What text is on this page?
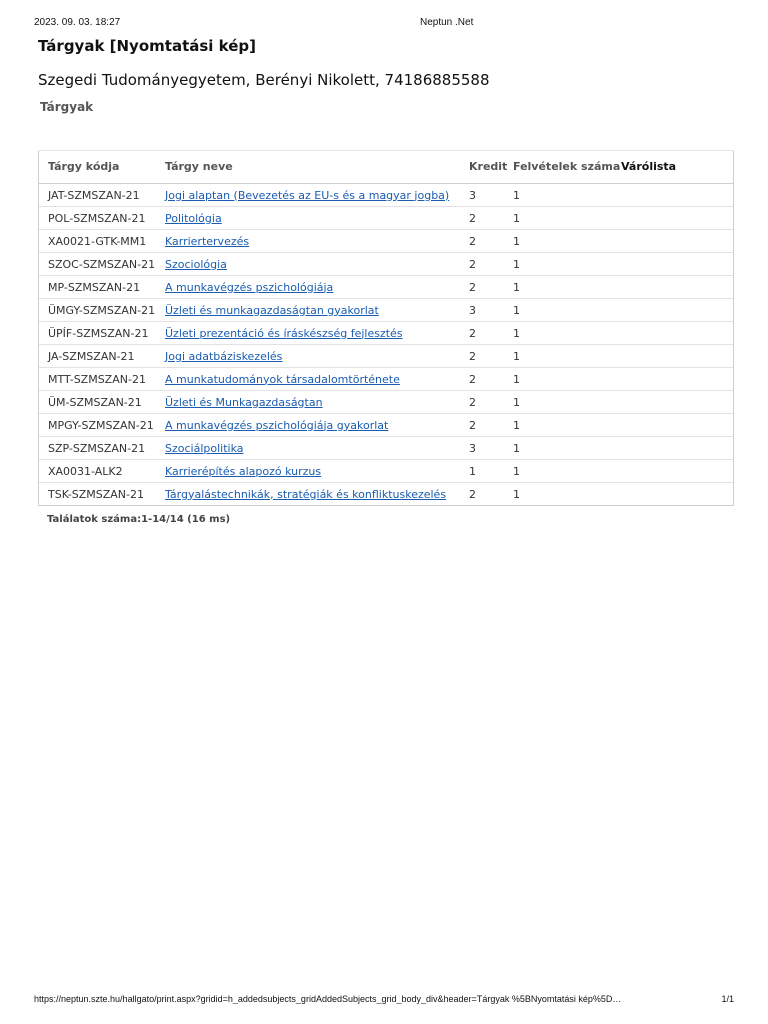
2023. 09. 03. 18:27	Neptun .Net
Tárgyak [Nyomtatási kép]
Szegedi Tudományegyetem, Berényi Nikolett, 74186885588
Tárgyak
Tárgy kódja	Tárgy neve	Kredit	Felvételek száma	Várólista
JAT-SZMSZAN-21	Jogi alaptan (Bevezetés az EU-s és a magyar jogba)	3	1	
POL-SZMSZAN-21	Politológia	2	1	
XA0021-GTK-MM1	Karriertervezés	2	1	
SZOC-SZMSZAN-21	Szociológia	2	1	
MP-SZMSZAN-21	A munkavégzés pszichológiája	2	1	
ÜMGY-SZMSZAN-21	Üzleti és munkagazdaságtan gyakorlat	3	1	
ÜPÍF-SZMSZAN-21	Üzleti prezentáció és íráskészség fejlesztés	2	1	
JA-SZMSZAN-21	Jogi adatbáziskezelés	2	1	
MTT-SZMSZAN-21	A munkatudományok társadalomtörténete	2	1	
ÜM-SZMSZAN-21	Üzleti és Munkagazdaságtan	2	1	
MPGY-SZMSZAN-21	A munkavégzés pszichológiája gyakorlat	2	1	
SZP-SZMSZAN-21	Szociálpolitika	3	1	
XA0031-ALK2	Karrierépítés alapozó kurzus	1	1	
TSK-SZMSZAN-21	Tárgyalástechnikák, stratégiák és konfliktuskezelés	2	1	
Találatok száma:1-14/14 (16 ms)
https://neptun.szte.hu/hallgato/print.aspx?gridid=h_addedsubjects_gridAddedSubjects_grid_body_div&header=Tárgyak %5BNyomtatási kép%5D…	1/1
